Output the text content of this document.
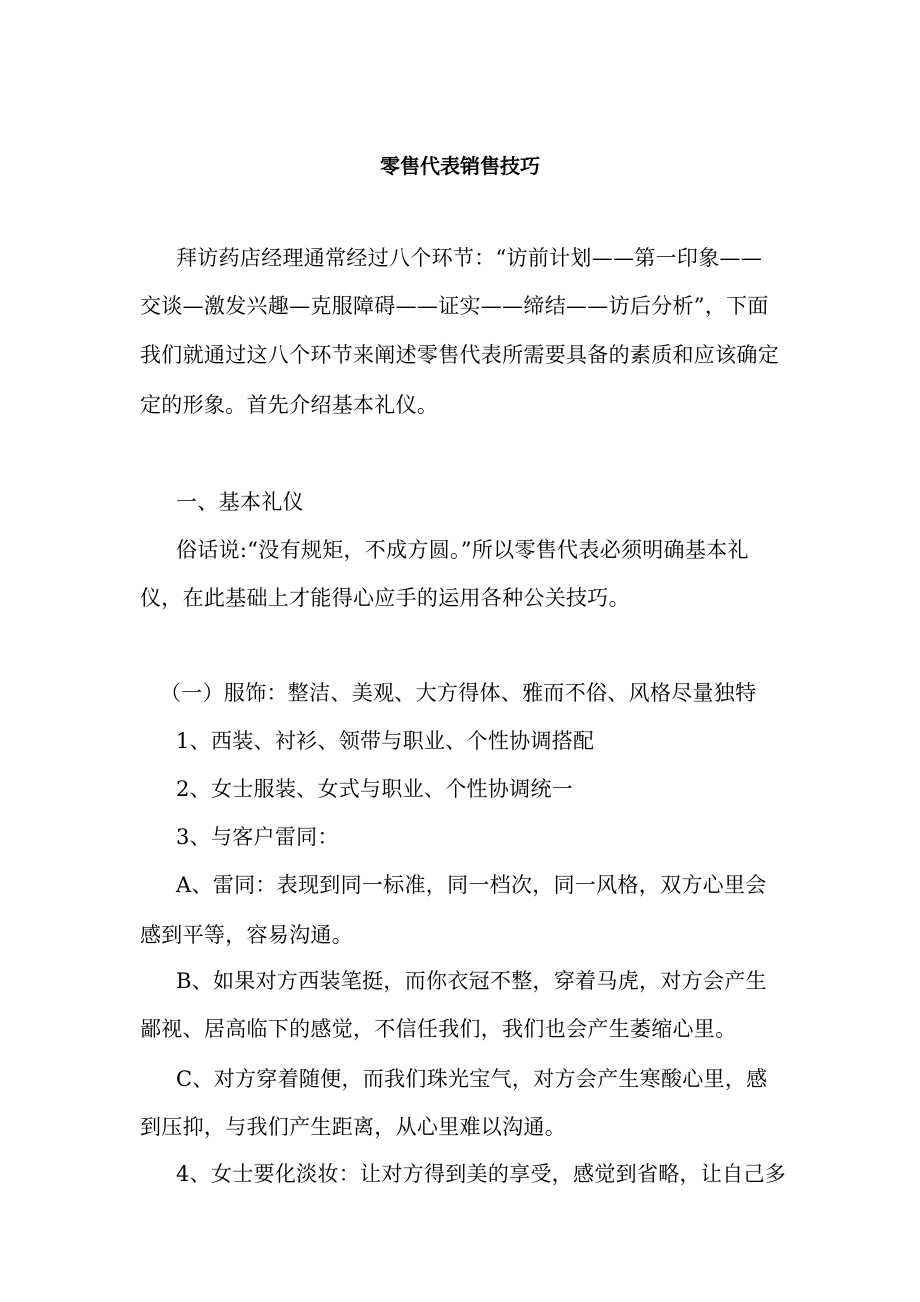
零售代表销售技巧
拜访药店经理通常经过八个环节：“访前计划——第一印象——
交谈—激发兴趣—克服障碍——证实——缔结——访后分析”，下面
我们就通过这八个环节来阐述零售代表所需要具备的素质和应该确定
定的形象。首先介绍基本礼仪。
一、基本礼仪
俗话说:“没有规矩，不成方圆。”所以零售代表必须明确基本礼
仪，在此基础上才能得心应手的运用各种公关技巧。
（一）服饰：整洁、美观、大方得体、雅而不俗、风格尽量独特
1、西装、衬衫、领带与职业、个性协调搭配
2、女士服装、女式与职业、个性协调统一
3、与客户雷同：
A、雷同：表现到同一标准，同一档次，同一风格，双方心里会
感到平等，容易沟通。
B、如果对方西装笔挺，而你衣冠不整，穿着马虎，对方会产生
鄙视、居高临下的感觉，不信任我们，我们也会产生萎缩心里。
C、对方穿着随便，而我们珠光宝气，对方会产生寒酸心里，感
到压抑，与我们产生距离，从心里难以沟通。
4、女士要化淡妆：让对方得到美的享受，感觉到省略，让自己多
